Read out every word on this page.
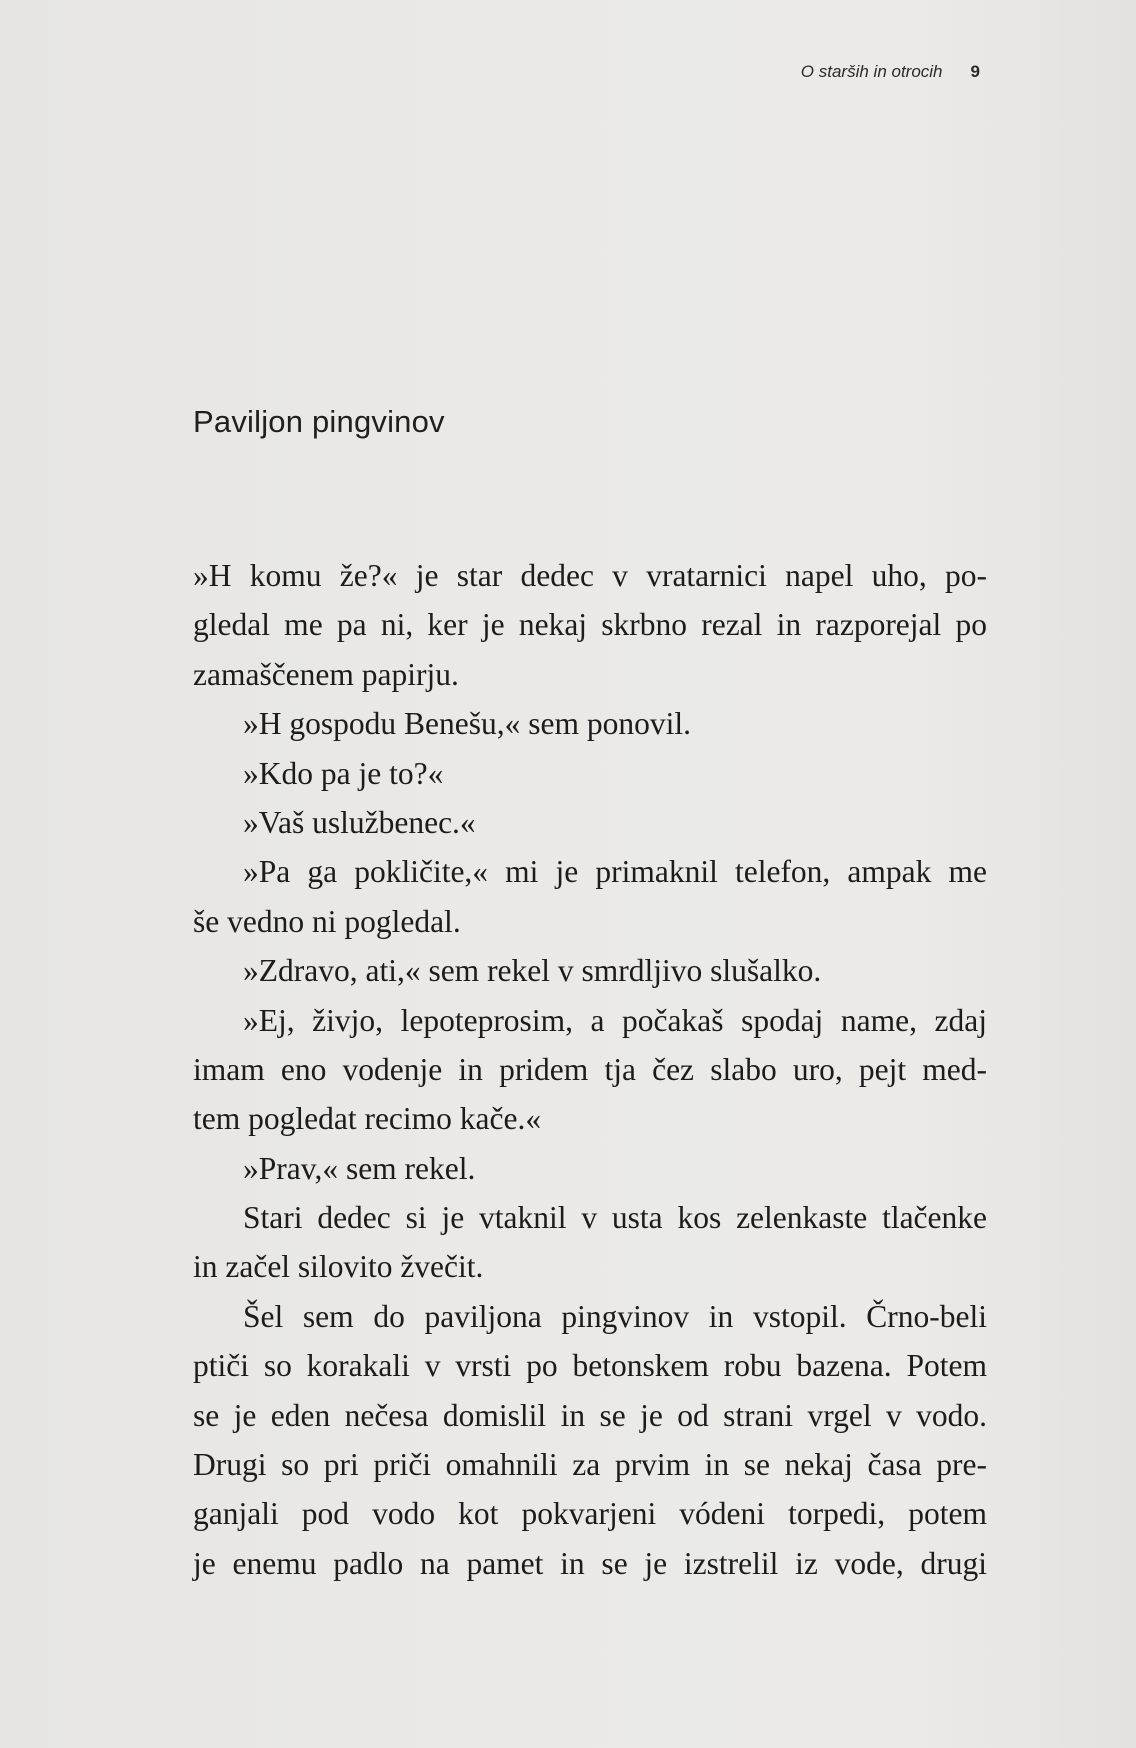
O starših in otrocih 9
Paviljon pingvinov
»H komu že?« je star dedec v vratarnici napel uho, po-
gledal me pa ni, ker je nekaj skrbno rezal in razporejal po
zamaščenem papirju.
»H gospodu Benešu,« sem ponovil.
»Kdo pa je to?«
»Vaš uslužbenec.«
»Pa ga pokličite,« mi je primaknil telefon, ampak me
še vedno ni pogledal.
»Zdravo, ati,« sem rekel v smrdljivo slušalko.
»Ej, živjo, lepoteprosim, a počakaš spodaj name, zdaj
imam eno vodenje in pridem tja čez slabo uro, pejt med-
tem pogledat recimo kače.«
»Prav,« sem rekel.
Stari dedec si je vtaknil v usta kos zelenkaste tlačenke
in začel silovito žvečit.
Šel sem do paviljona pingvinov in vstopil. Črno-beli
ptiči so korakali v vrsti po betonskem robu bazena. Potem
se je eden nečesa domislil in se je od strani vrgel v vodo.
Drugi so pri priči omahnili za prvim in se nekaj časa pre-
ganjali pod vodo kot pokvarjeni vódeni torpedi, potem
je enemu padlo na pamet in se je izstrelil iz vode, drugi
